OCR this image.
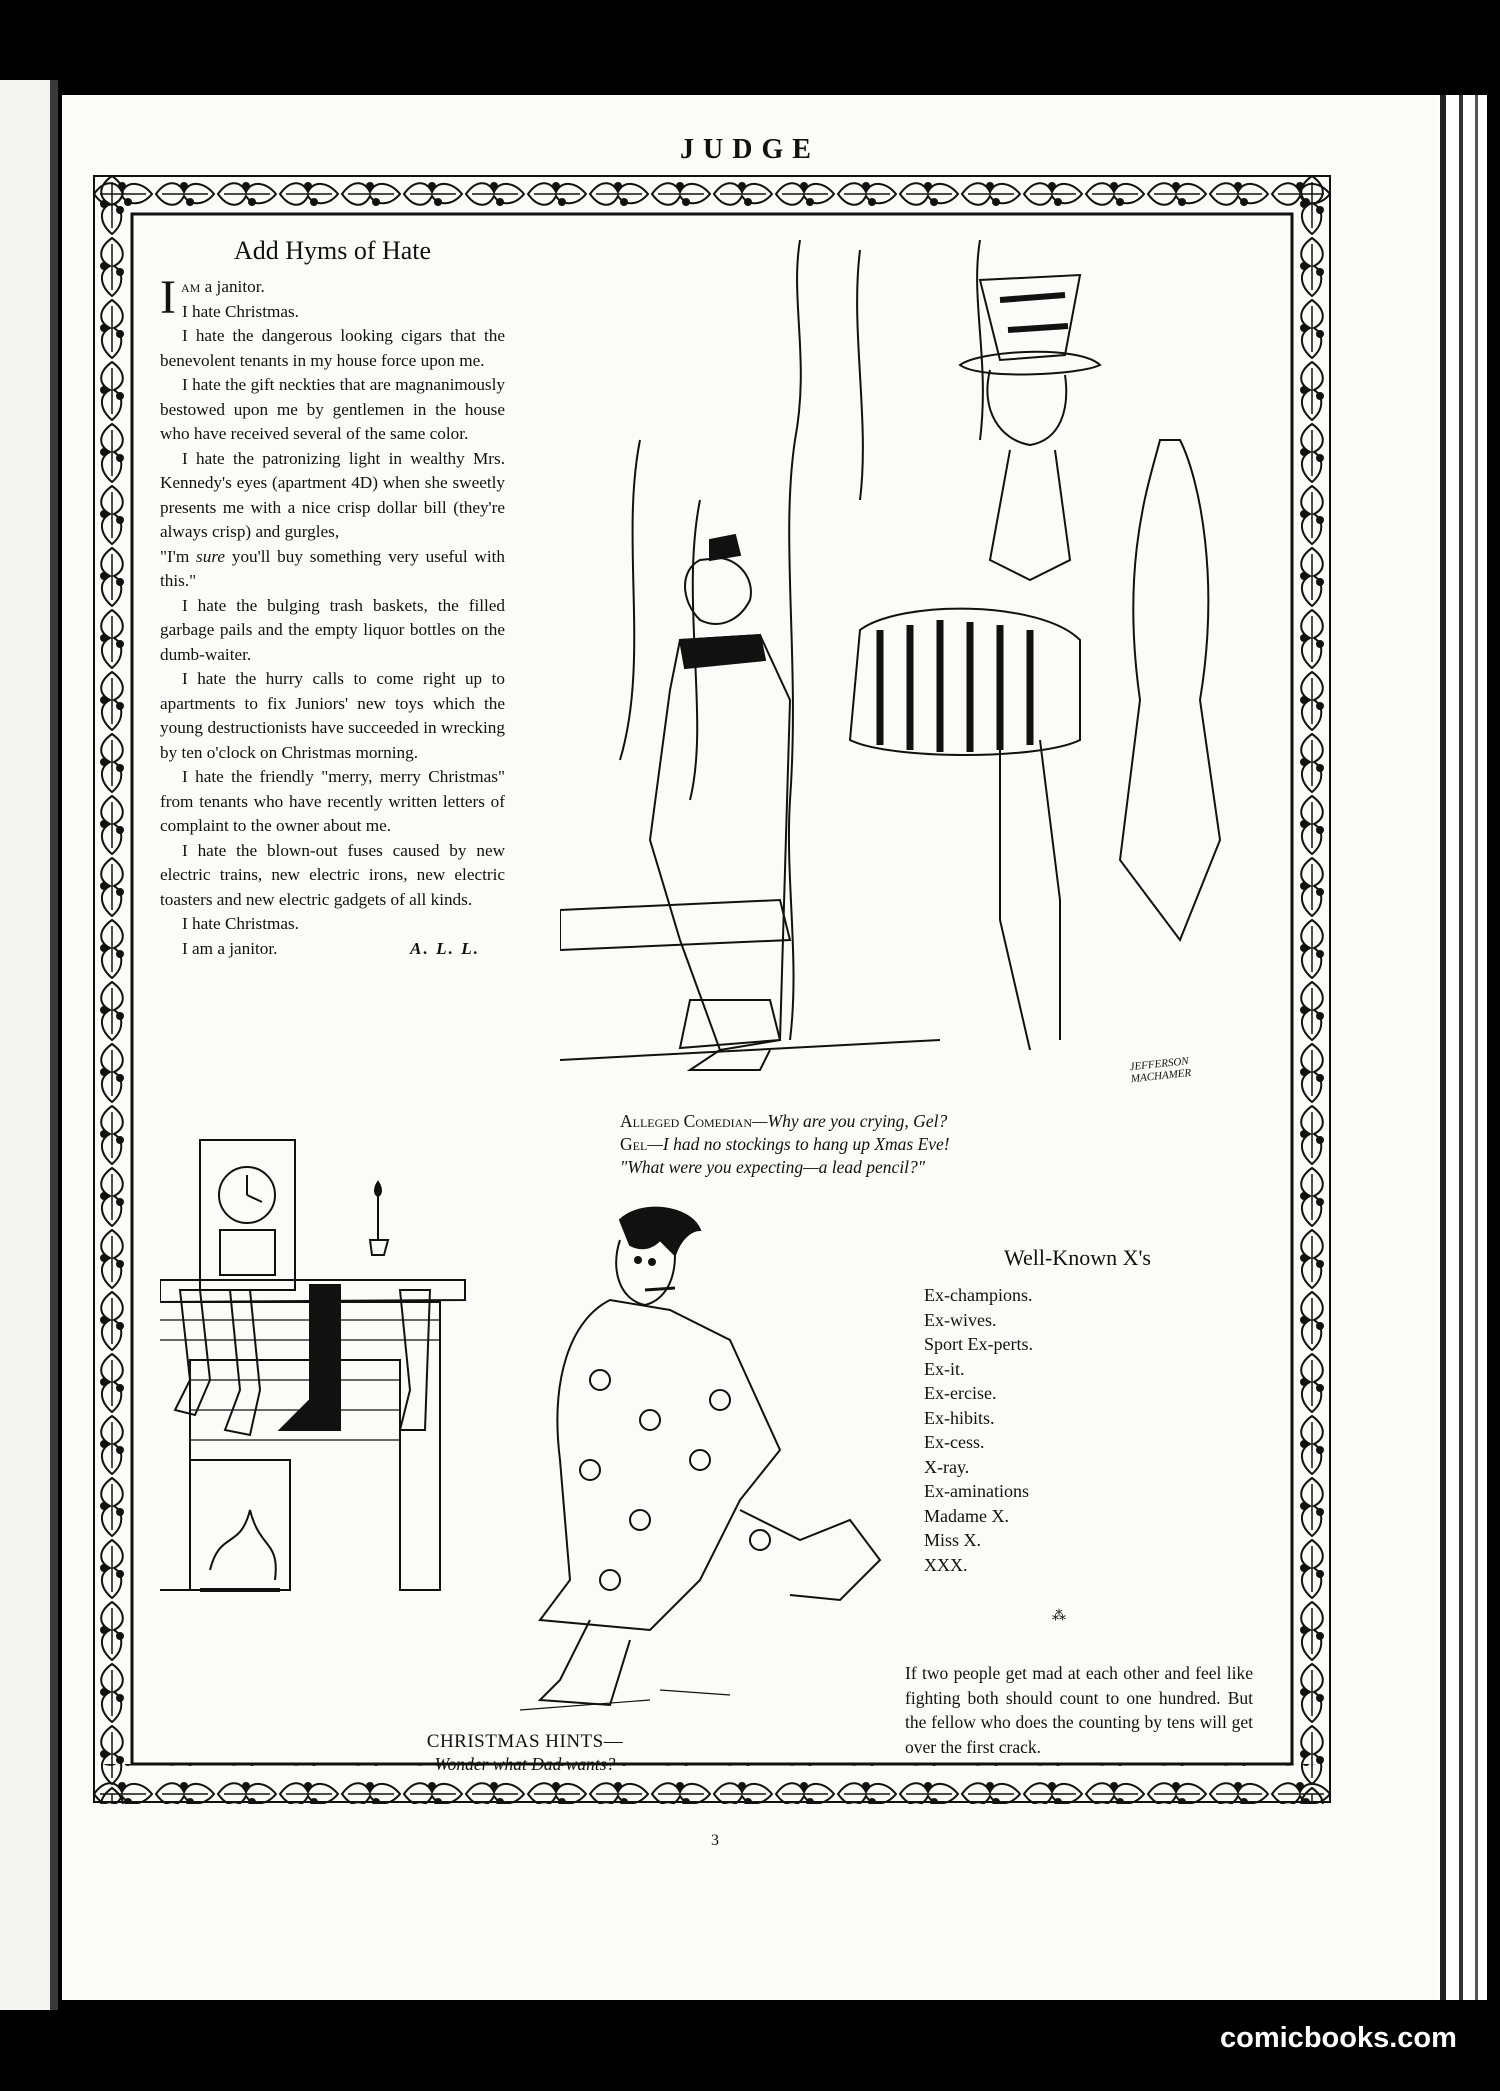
JUDGE
Add Hyms of Hate

Iam a janitor.

I hate Christmas.

I hate the dangerous looking cigars that the benevolent tenants in my house force upon me.

I hate the gift neckties that are magnanimously bestowed upon me by gentlemen in the house who have received several of the same color.

I hate the patronizing light in wealthy Mrs. Kennedy's eyes (apartment 4D) when she sweetly presents me with a nice crisp dollar bill (they're always crisp) and gurgles,

"I'm sure you'll buy something very useful with this."

I hate the bulging trash baskets, the filled garbage pails and the empty liquor bottles on the dumb-waiter.

I hate the hurry calls to come right up to apartments to fix Juniors' new toys which the young destructionists have succeeded in wrecking by ten o'clock on Christmas morning.

I hate the friendly "merry, merry Christmas" from tenants who have recently written letters of complaint to the owner about me.

I hate the blown-out fuses caused by new electric trains, new electric irons, new electric toasters and new electric gadgets of all kinds.

I hate Christmas.

I am a janitor.	A. L. L.
JEFFERSON MACHAMER
Alleged Comedian—Why are you crying, Gel?
Gel—I had no stockings to hang up Xmas Eve!
"What were you expecting—a lead pencil?"
CHRISTMAS HINTS—
Wonder what Dad wants?
Well-Known X's
Ex-champions.
Ex-wives.
Sport Ex-perts.
Ex-it.
Ex-ercise.
Ex-hibits.
Ex-cess.
X-ray.
Ex-aminations
Madame X.
Miss X.
XXX.
⁂
If two people get mad at each other and feel like fighting both should count to one hundred. But the fellow who does the counting by tens will get over the first crack.
3
comicbooks.com
